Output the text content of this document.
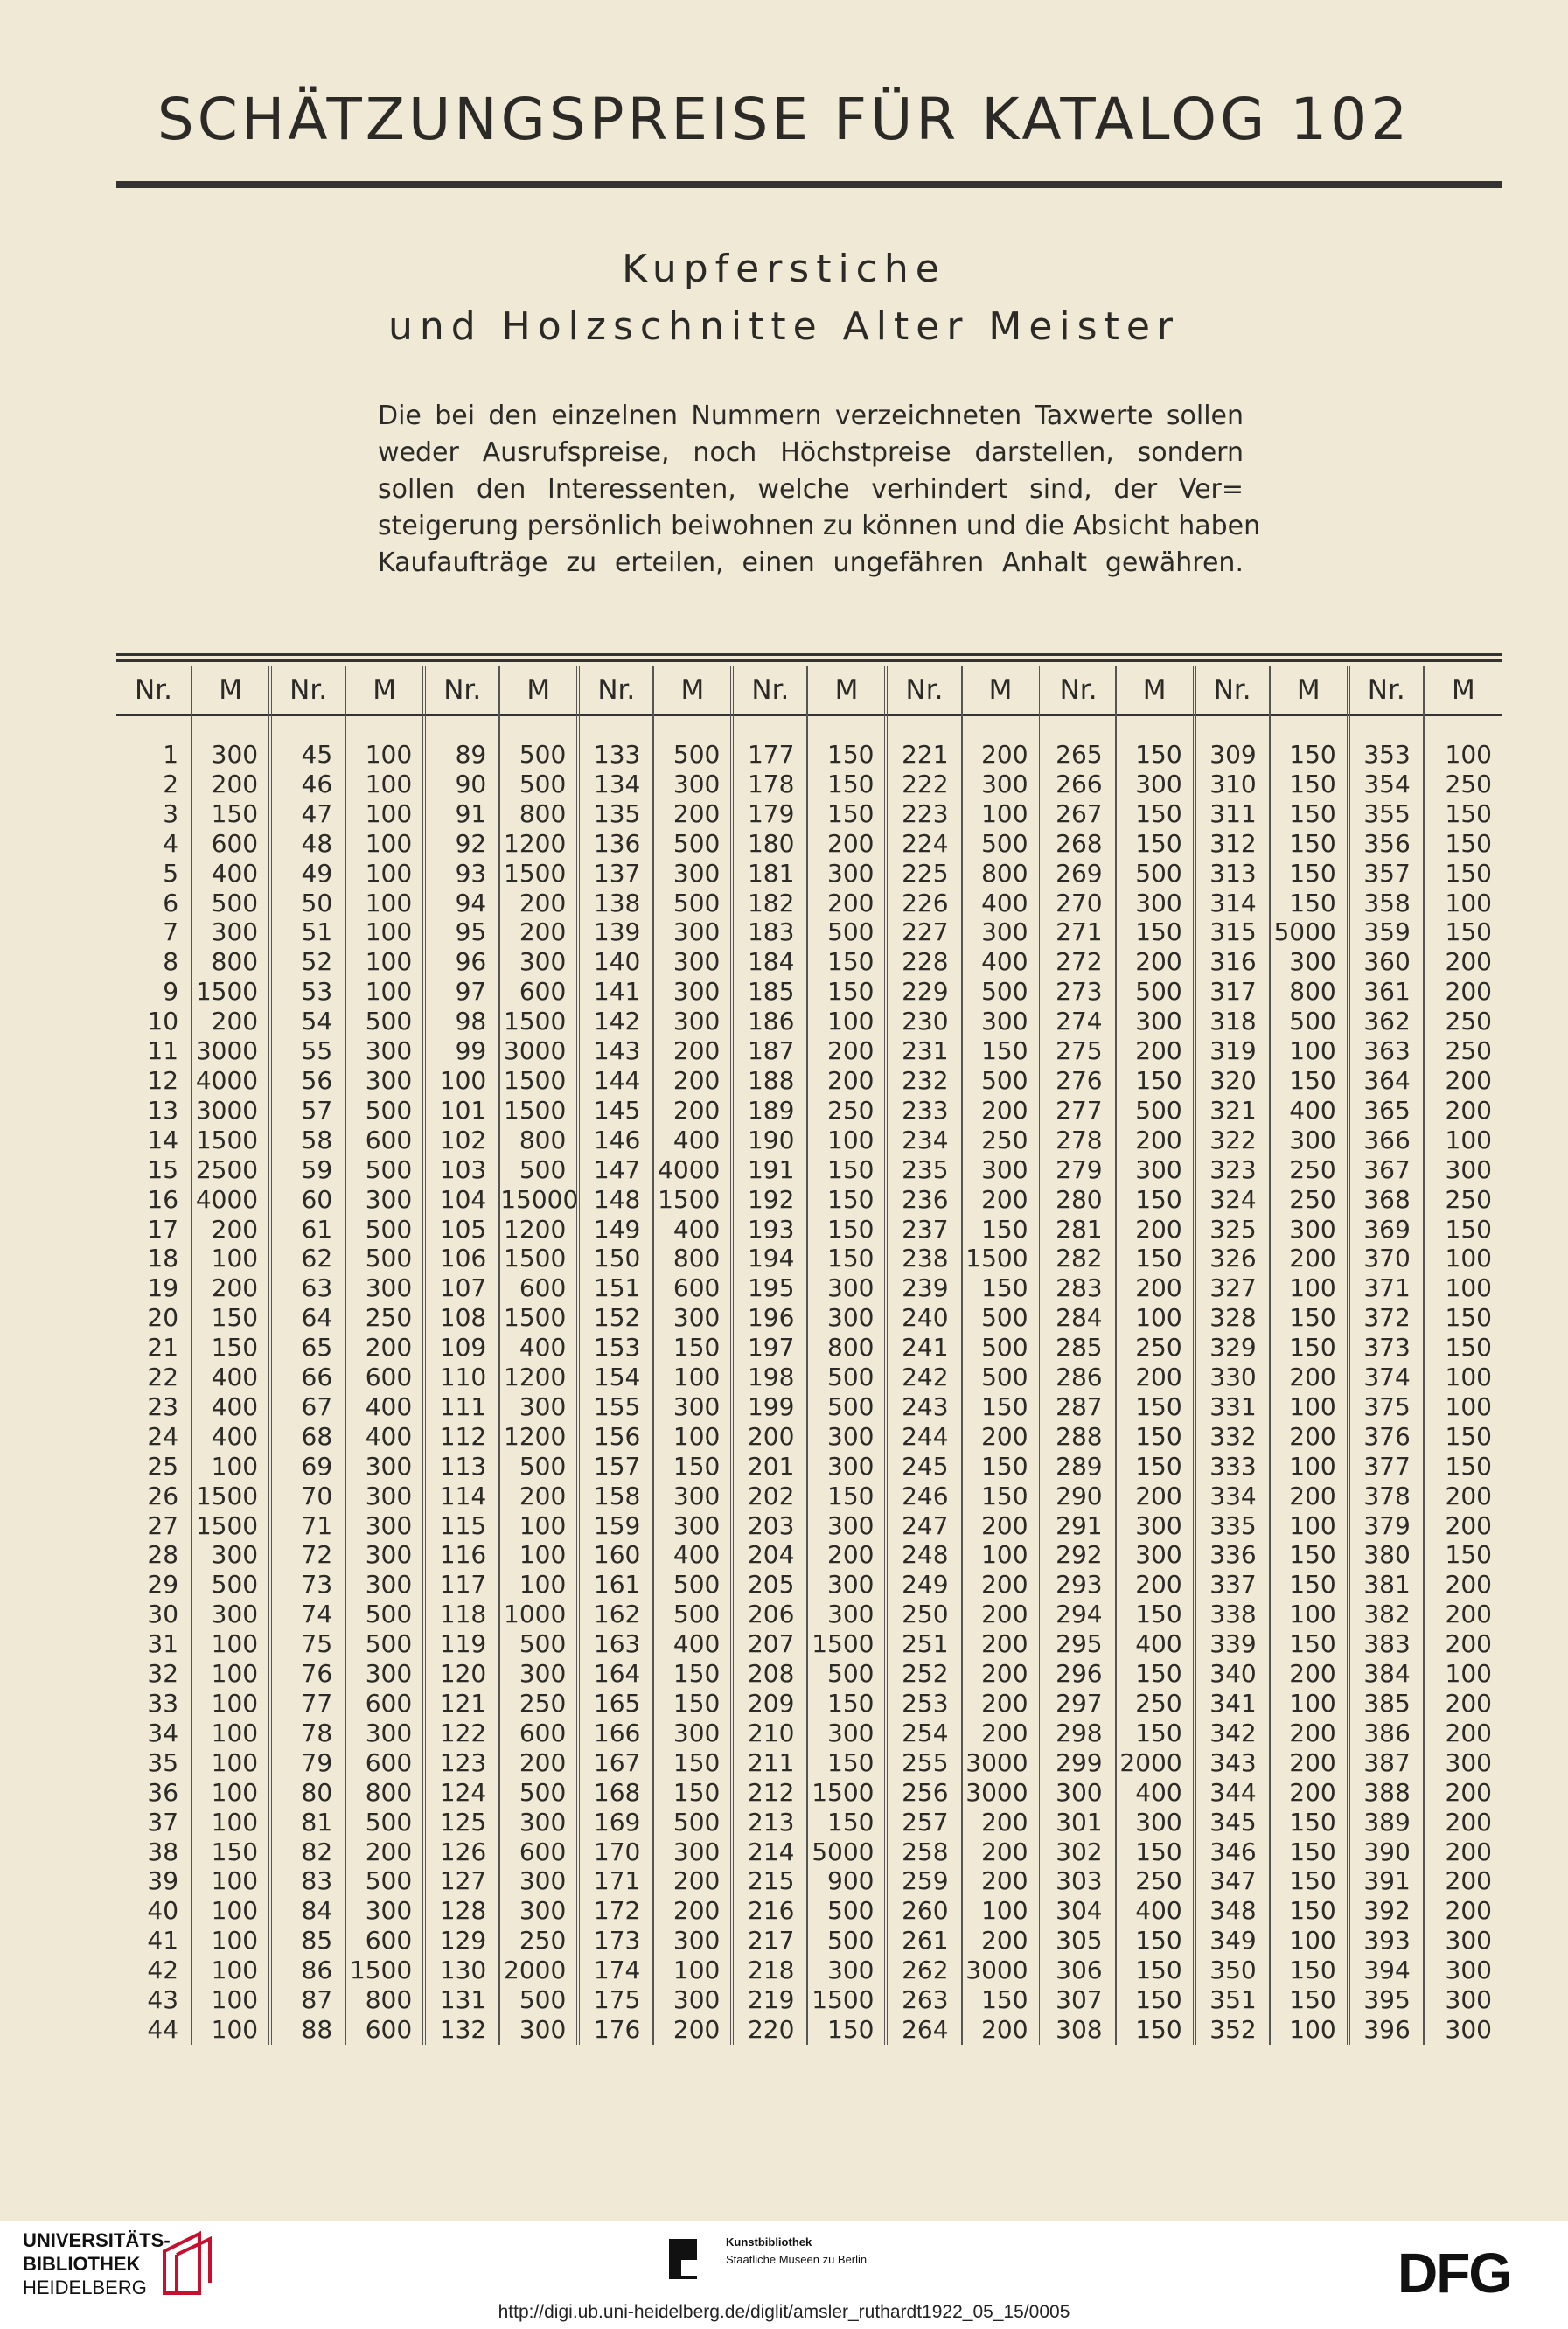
SCHÄTZUNGSPREISE FÜR KATALOG 102
Kupferstiche
und Holzschnitte Alter Meister
Die bei den einzelnen Nummern verzeichneten Taxwerte sollen
weder Ausrufspreise, noch Höchstpreise darstellen, sondern
sollen den Interessenten, welche verhindert sind, der Ver=
steigerung persönlich beiwohnen zu können und die Absicht haben
Kaufaufträge zu erteilen, einen ungefähren Anhalt gewähren.
Nr.	M	Nr.	M	Nr.	M	Nr.	M	Nr.	M	Nr.	M	Nr.	M	Nr.	M	Nr.	M

1	300	45	100	89	500	133	500	177	150	221	200	265	150	309	150	353	100
2	200	46	100	90	500	134	300	178	150	222	300	266	300	310	150	354	250
3	150	47	100	91	800	135	200	179	150	223	100	267	150	311	150	355	150
4	600	48	100	92	1200	136	500	180	200	224	500	268	150	312	150	356	150
5	400	49	100	93	1500	137	300	181	300	225	800	269	500	313	150	357	150
6	500	50	100	94	200	138	500	182	200	226	400	270	300	314	150	358	100
7	300	51	100	95	200	139	300	183	500	227	300	271	150	315	5000	359	150
8	800	52	100	96	300	140	300	184	150	228	400	272	200	316	300	360	200
9	1500	53	100	97	600	141	300	185	150	229	500	273	500	317	800	361	200
10	200	54	500	98	1500	142	300	186	100	230	300	274	300	318	500	362	250
11	3000	55	300	99	3000	143	200	187	200	231	150	275	200	319	100	363	250
12	4000	56	300	100	1500	144	200	188	200	232	500	276	150	320	150	364	200
13	3000	57	500	101	1500	145	200	189	250	233	200	277	500	321	400	365	200
14	1500	58	600	102	800	146	400	190	100	234	250	278	200	322	300	366	100
15	2500	59	500	103	500	147	4000	191	150	235	300	279	300	323	250	367	300
16	4000	60	300	104	15000	148	1500	192	150	236	200	280	150	324	250	368	250
17	200	61	500	105	1200	149	400	193	150	237	150	281	200	325	300	369	150
18	100	62	500	106	1500	150	800	194	150	238	1500	282	150	326	200	370	100
19	200	63	300	107	600	151	600	195	300	239	150	283	200	327	100	371	100
20	150	64	250	108	1500	152	300	196	300	240	500	284	100	328	150	372	150
21	150	65	200	109	400	153	150	197	800	241	500	285	250	329	150	373	150
22	400	66	600	110	1200	154	100	198	500	242	500	286	200	330	200	374	100
23	400	67	400	111	300	155	300	199	500	243	150	287	150	331	100	375	100
24	400	68	400	112	1200	156	100	200	300	244	200	288	150	332	200	376	150
25	100	69	300	113	500	157	150	201	300	245	150	289	150	333	100	377	150
26	1500	70	300	114	200	158	300	202	150	246	150	290	200	334	200	378	200
27	1500	71	300	115	100	159	300	203	300	247	200	291	300	335	100	379	200
28	300	72	300	116	100	160	400	204	200	248	100	292	300	336	150	380	150
29	500	73	300	117	100	161	500	205	300	249	200	293	200	337	150	381	200
30	300	74	500	118	1000	162	500	206	300	250	200	294	150	338	100	382	200
31	100	75	500	119	500	163	400	207	1500	251	200	295	400	339	150	383	200
32	100	76	300	120	300	164	150	208	500	252	200	296	150	340	200	384	100
33	100	77	600	121	250	165	150	209	150	253	200	297	250	341	100	385	200
34	100	78	300	122	600	166	300	210	300	254	200	298	150	342	200	386	200
35	100	79	600	123	200	167	150	211	150	255	3000	299	2000	343	200	387	300
36	100	80	800	124	500	168	150	212	1500	256	3000	300	400	344	200	388	200
37	100	81	500	125	300	169	500	213	150	257	200	301	300	345	150	389	200
38	150	82	200	126	600	170	300	214	5000	258	200	302	150	346	150	390	200
39	100	83	500	127	300	171	200	215	900	259	200	303	250	347	150	391	200
40	100	84	300	128	300	172	200	216	500	260	100	304	400	348	150	392	200
41	100	85	600	129	250	173	300	217	500	261	200	305	150	349	100	393	300
42	100	86	1500	130	2000	174	100	218	300	262	3000	306	150	350	150	394	300
43	100	87	800	131	500	175	300	219	1500	263	150	307	150	351	150	395	300
44	100	88	600	132	300	176	200	220	150	264	200	308	150	352	100	396	300
UNIVERSITÄTS-
BIBLIOTHEK
HEIDELBERG
Kunstbibliothek
Staatliche Museen zu Berlin	DFG
http://digi.ub.uni-heidelberg.de/diglit/amsler_ruthardt1922_05_15/0005
